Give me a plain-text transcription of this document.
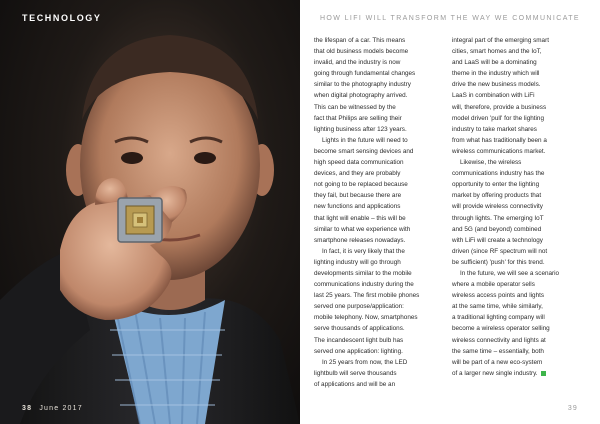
TECHNOLOGY
38 June 2017
HOW LIFI WILL TRANSFORM THE WAY WE COMMUNICATE

the lifespan of a car. This means

that old business models become

invalid, and the industry is now

going through fundamental changes

similar to the photography industry

when digital photography arrived.

This can be witnessed by the

fact that Philips are selling their

lighting business after 123 years.

Lights in the future will need to

become smart sensing devices and

high speed data communication

devices, and they are probably

not going to be replaced because

they fail, but because there are

new functions and applications

that light will enable – this will be

similar to what we experience with

smartphone releases nowadays.

In fact, it is very likely that the

lighting industry will go through

developments similar to the mobile

communications industry during the

last 25 years. The first mobile phones

served one purpose/application:

mobile telephony. Now, smartphones

serve thousands of applications.

The incandescent light bulb has

served one application: lighting.

In 25 years from now, the LED

lightbulb will serve thousands

of applications and will be an

integral part of the emerging smart

cities, smart homes and the IoT,

and LaaS will be a dominating

theme in the industry which will

drive the new business models.

LaaS in combination with LiFi

will, therefore, provide a business

model driven 'pull' for the lighting

industry to take market shares

from what has traditionally been a

wireless communications market.

Likewise, the wireless

communications industry has the

opportunity to enter the lighting

market by offering products that

will provide wireless connectivity

through lights. The emerging IoT

and 5G (and beyond) combined

with LiFi will create a technology

driven (since RF spectrum will not

be sufficient) 'push' for this trend.

In the future, we will see a scenario

where a mobile operator sells

wireless access points and lights

at the same time, while similarly,

a traditional lighting company will

become a wireless operator selling

wireless connectivity and lights at

the same time – essentially, both

will be part of a new eco-system

of a larger new single industry.

39
